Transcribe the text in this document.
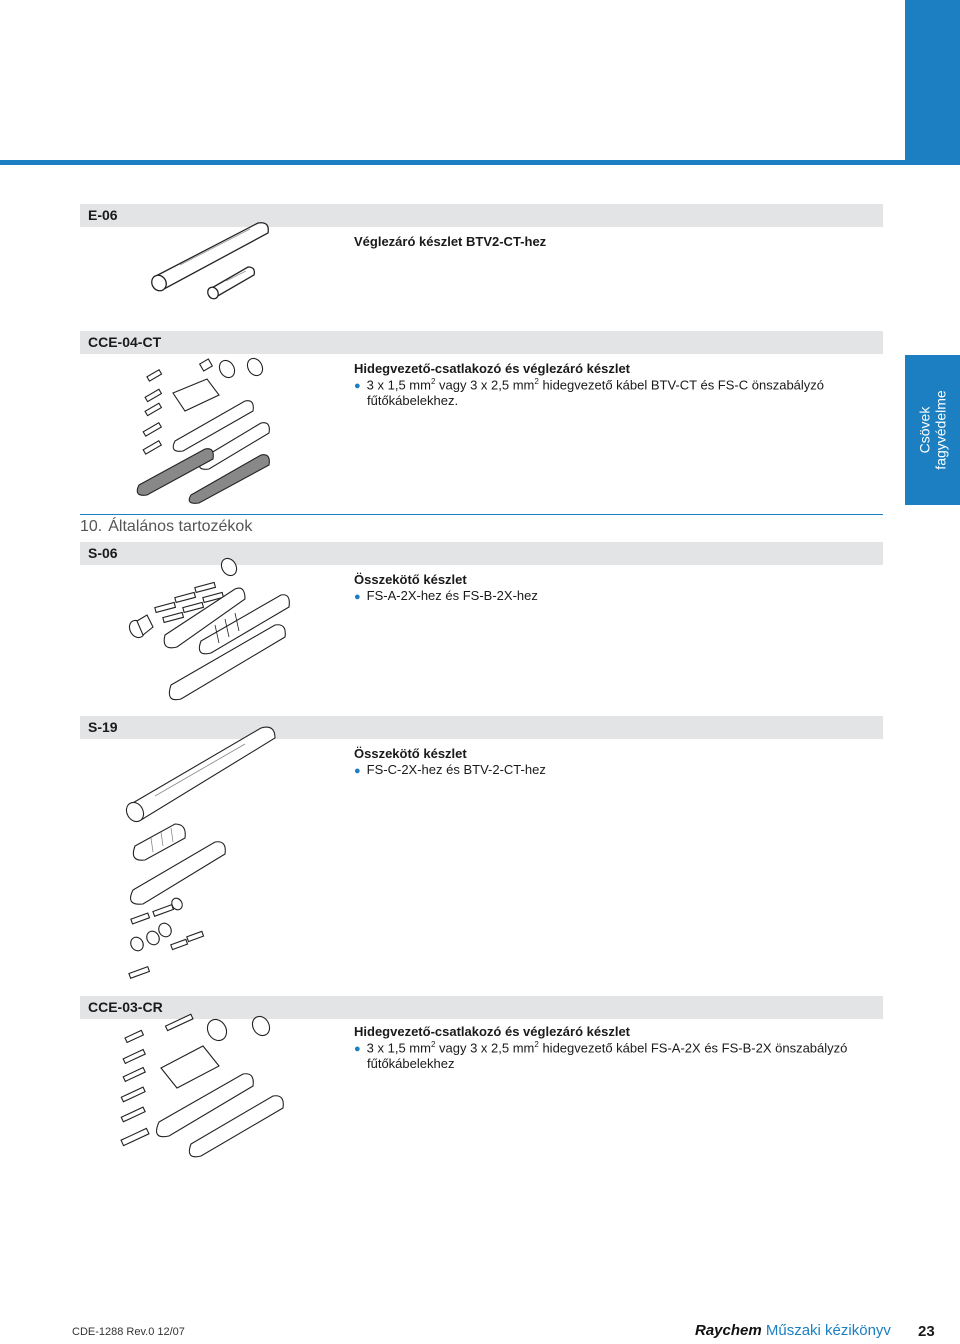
Csövek fagyvédelme
E-06
Véglezáró készlet BTV2-CT-hez
CCE-04-CT
Hidegvezető-csatlakozó és véglezáró készlet
● 3 x 1,5 $mm^2$ vagy 3 x 2,5 $mm^2$ hidegvezető kábel BTV-CT és FS-C önszabályzó
fűtőkábelekhez.
10. Általános tartozékok
S-06
Összekötő készlet
● FS-A-2X-hez és FS-B-2X-hez
S-19
Összekötő készlet
● FS-C-2X-hez és BTV-2-CT-hez
CCE-03-CR
Hidegvezető-csatlakozó és véglezáró készlet
● 3 x 1,5 $mm^2$ vagy 3 x 2,5 $mm^2$ hidegvezető kábel FS-A-2X és FS-B-2X önszabályzó
fűtőkábelekhez
CDE-1288 Rev.0 12/07	Raychem Műszaki kézikönyv 23
